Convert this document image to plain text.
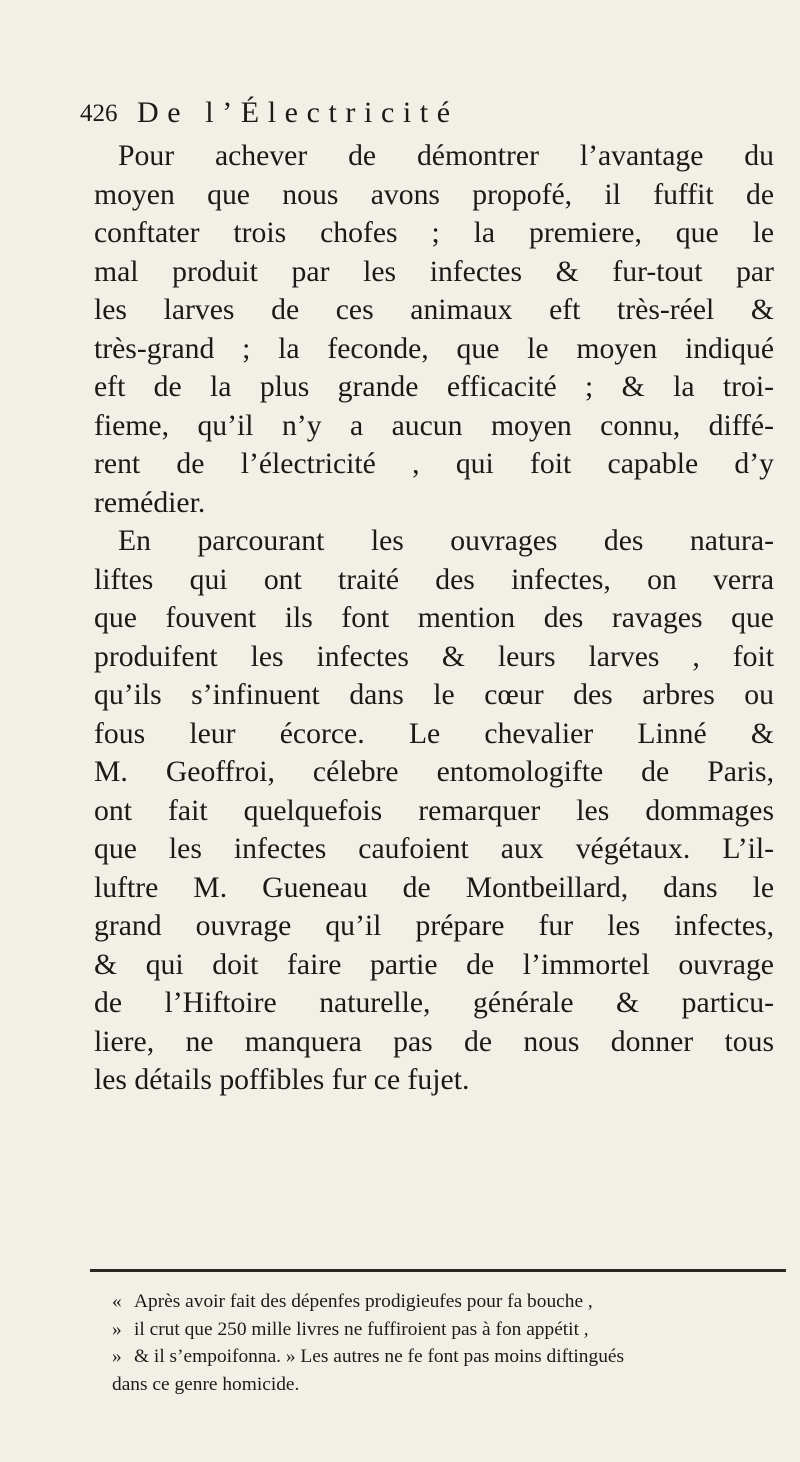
426 De l’Électricité
Pour achever de démontrer l’avantage du
moyen que nous avons propofé, il fuffit de
conftater trois chofes ; la premiere, que le
mal produit par les infectes & fur-tout par
les larves de ces animaux eft très-réel &
très-grand ; la feconde, que le moyen indiqué
eft de la plus grande efficacité ; & la troi-
fieme, qu’il n’y a aucun moyen connu, diffé-
rent de l’électricité , qui foit capable d’y
remédier.
En parcourant les ouvrages des natura-
liftes qui ont traité des infectes, on verra
que fouvent ils font mention des ravages que
produifent les infectes & leurs larves , foit
qu’ils s’infinuent dans le cœur des arbres ou
fous leur écorce. Le chevalier Linné &
M. Geoffroi, célebre entomologifte de Paris,
ont fait quelquefois remarquer les dommages
que les infectes caufoient aux végétaux. L’il-
luftre M. Gueneau de Montbeillard, dans le
grand ouvrage qu’il prépare fur les infectes,
& qui doit faire partie de l’immortel ouvrage
de l’Hiftoire naturelle, générale & particu-
liere, ne manquera pas de nous donner tous
les détails poffibles fur ce fujet.
« Après avoir fait des dépenfes prodigieufes pour fa bouche ,
» il crut que 250 mille livres ne fuffiroient pas à fon appétit ,
» & il s’empoifonna. » Les autres ne fe font pas moins diftingués
dans ce genre homicide.
